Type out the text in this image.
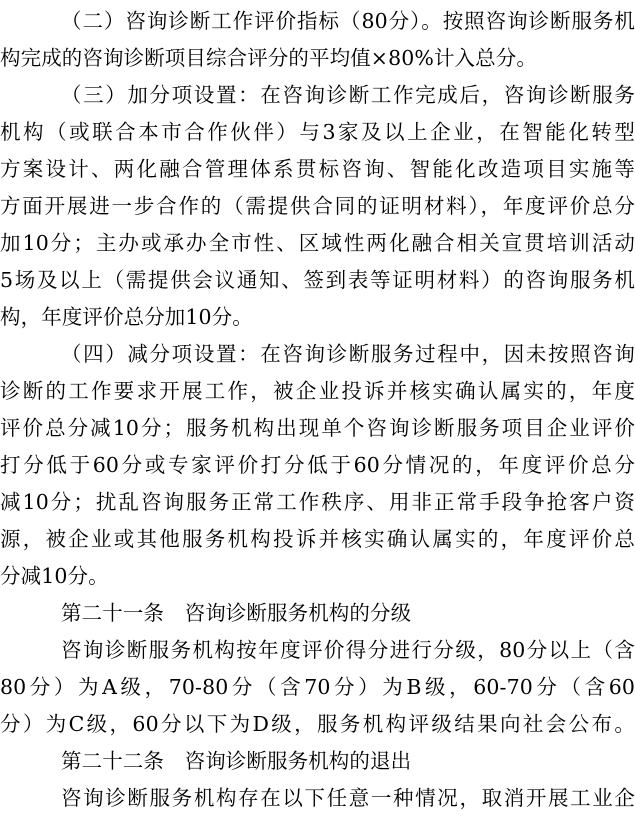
（二）咨询诊断工作评价指标（80分）。按照咨询诊断服务机
构完成的咨询诊断项目综合评分的平均值×80%计入总分。
（三）加分项设置：在咨询诊断工作完成后，咨询诊断服务
机构（或联合本市合作伙伴）与3家及以上企业，在智能化转型
方案设计、两化融合管理体系贯标咨询、智能化改造项目实施等
方面开展进一步合作的（需提供合同的证明材料），年度评价总分
加10分；主办或承办全市性、区域性两化融合相关宣贯培训活动
5场及以上（需提供会议通知、签到表等证明材料）的咨询服务机
构，年度评价总分加10分。
（四）减分项设置：在咨询诊断服务过程中，因未按照咨询
诊断的工作要求开展工作，被企业投诉并核实确认属实的，年度
评价总分减10分；服务机构出现单个咨询诊断服务项目企业评价
打分低于60分或专家评价打分低于60分情况的，年度评价总分
减10分；扰乱咨询服务正常工作秩序、用非正常手段争抢客户资
源，被企业或其他服务机构投诉并核实确认属实的，年度评价总
分减10分。
第二十一条　咨询诊断服务机构的分级
咨询诊断服务机构按年度评价得分进行分级，80分以上（含
80分）为A级，70-80分（含70分）为B级，60-70分（含60
分）为C级，60分以下为D级，服务机构评级结果向社会公布。
第二十二条　咨询诊断服务机构的退出
咨询诊断服务机构存在以下任意一种情况，取消开展工业企
